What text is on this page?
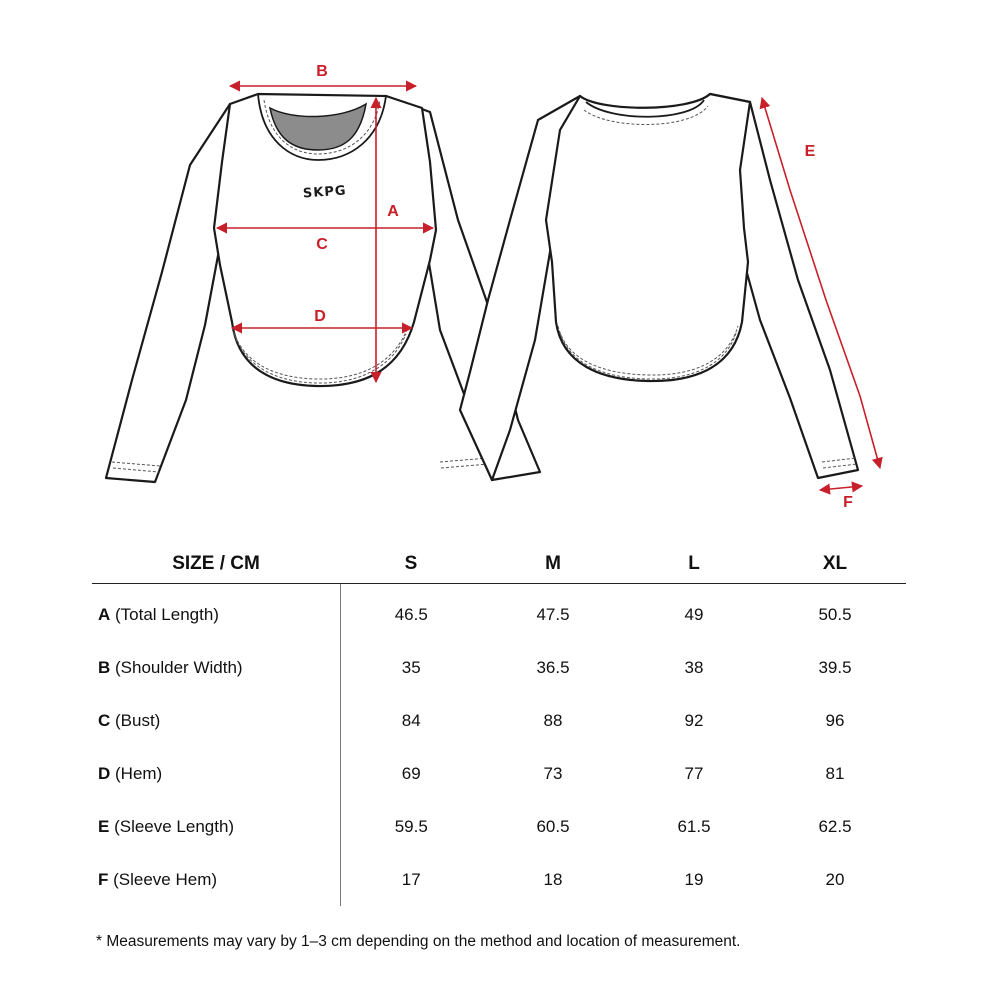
SKPG
B
A
C
D
E
F
SIZE / CM	S	M	L	XL
A (Total Length)	46.5	47.5	49	50.5
B (Shoulder Width)	35	36.5	38	39.5
C (Bust)	84	88	92	96
D (Hem)	69	73	77	81
E (Sleeve Length)	59.5	60.5	61.5	62.5
F (Sleeve Hem)	17	18	19	20
* Measurements may vary by 1–3 cm depending on the method and location of measurement.
